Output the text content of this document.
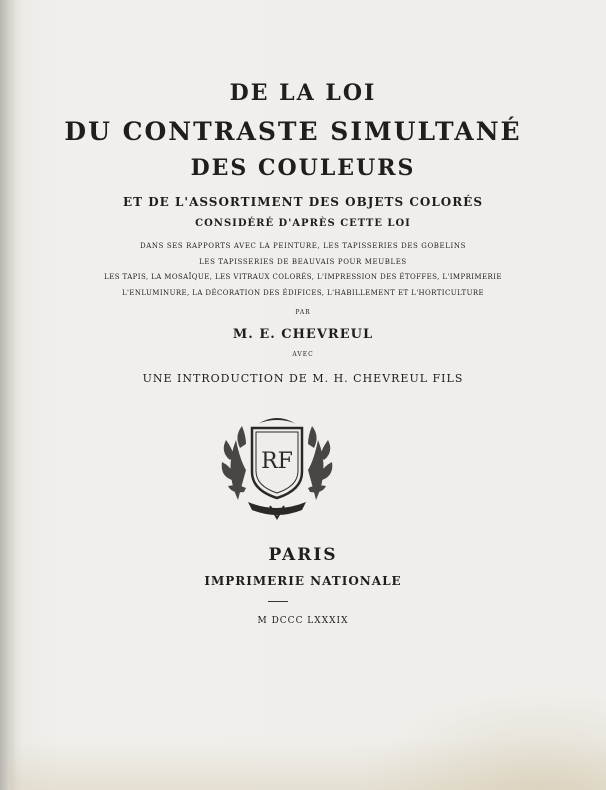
DE LA LOI
DU CONTRASTE SIMULTANÉ
DES COULEURS
ET DE L'ASSORTIMENT DES OBJETS COLORÉS
CONSIDÉRÉ D'APRÈS CETTE LOI
DANS SES RAPPORTS AVEC LA PEINTURE, LES TAPISSERIES DES GOBELINS
LES TAPISSERIES DE BEAUVAIS POUR MEUBLES
LES TAPIS, LA MOSAÏQUE, LES VITRAUX COLORÉS, L'IMPRESSION DES ÉTOFFES, L'IMPRIMERIE
L'ENLUMINURE, LA DÉCORATION DES ÉDIFICES, L'HABILLEMENT ET L'HORTICULTURE
PAR
M. E. CHEVREUL
AVEC
UNE INTRODUCTION DE M. H. CHEVREUL FILS
RF
PARIS
IMPRIMERIE NATIONALE
M DCCC LXXXIX
